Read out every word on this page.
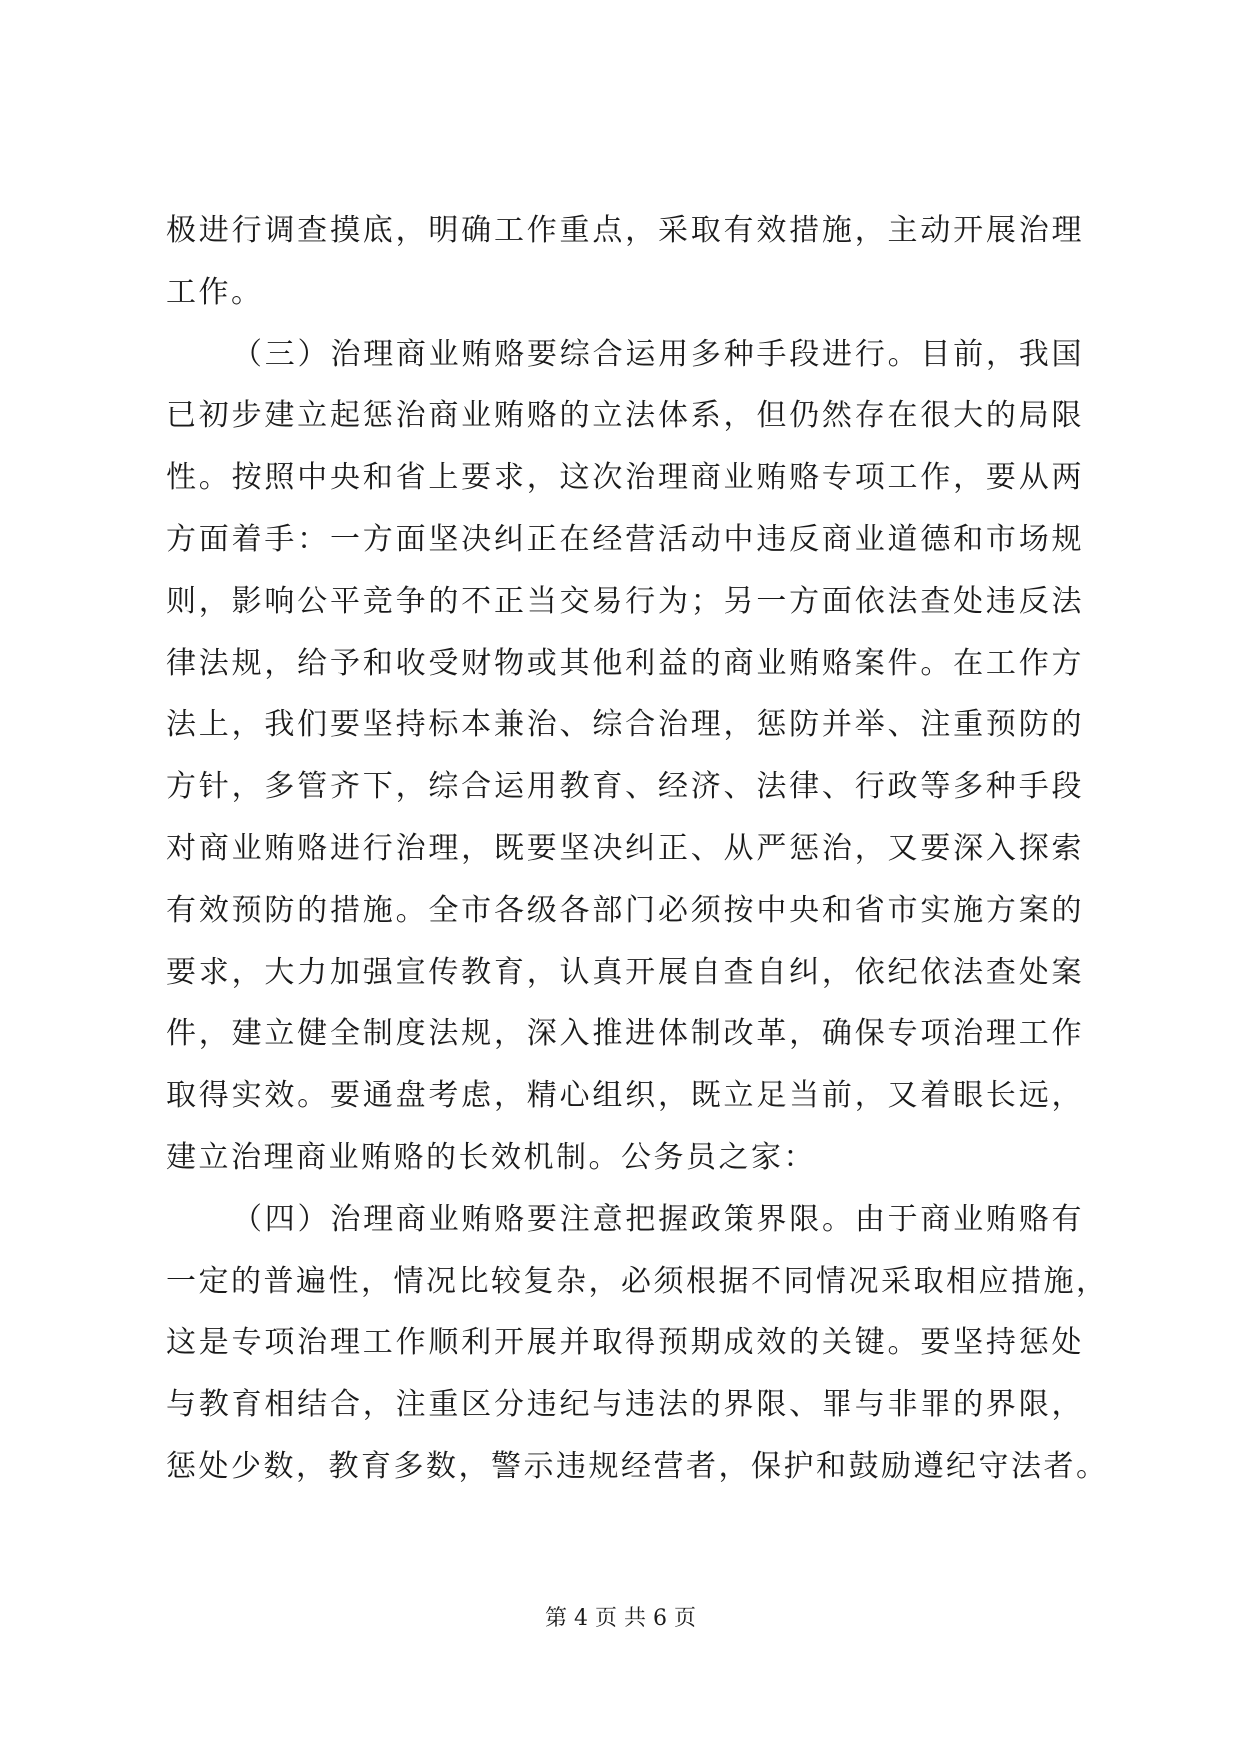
极进行调查摸底，明确工作重点，采取有效措施，主动开展治理
工作。
（三）治理商业贿赂要综合运用多种手段进行。目前，我国
已初步建立起惩治商业贿赂的立法体系，但仍然存在很大的局限
性。按照中央和省上要求，这次治理商业贿赂专项工作，要从两
方面着手：一方面坚决纠正在经营活动中违反商业道德和市场规
则，影响公平竞争的不正当交易行为；另一方面依法查处违反法
律法规，给予和收受财物或其他利益的商业贿赂案件。在工作方
法上，我们要坚持标本兼治、综合治理，惩防并举、注重预防的
方针，多管齐下，综合运用教育、经济、法律、行政等多种手段
对商业贿赂进行治理，既要坚决纠正、从严惩治，又要深入探索
有效预防的措施。全市各级各部门必须按中央和省市实施方案的
要求，大力加强宣传教育，认真开展自查自纠，依纪依法查处案
件，建立健全制度法规，深入推进体制改革，确保专项治理工作
取得实效。要通盘考虑，精心组织，既立足当前，又着眼长远，
建立治理商业贿赂的长效机制。公务员之家：
（四）治理商业贿赂要注意把握政策界限。由于商业贿赂有
一定的普遍性，情况比较复杂，必须根据不同情况采取相应措施，
这是专项治理工作顺利开展并取得预期成效的关键。要坚持惩处
与教育相结合，注重区分违纪与违法的界限、罪与非罪的界限，
惩处少数，教育多数，警示违规经营者，保护和鼓励遵纪守法者。
第 4 页 共 6 页
